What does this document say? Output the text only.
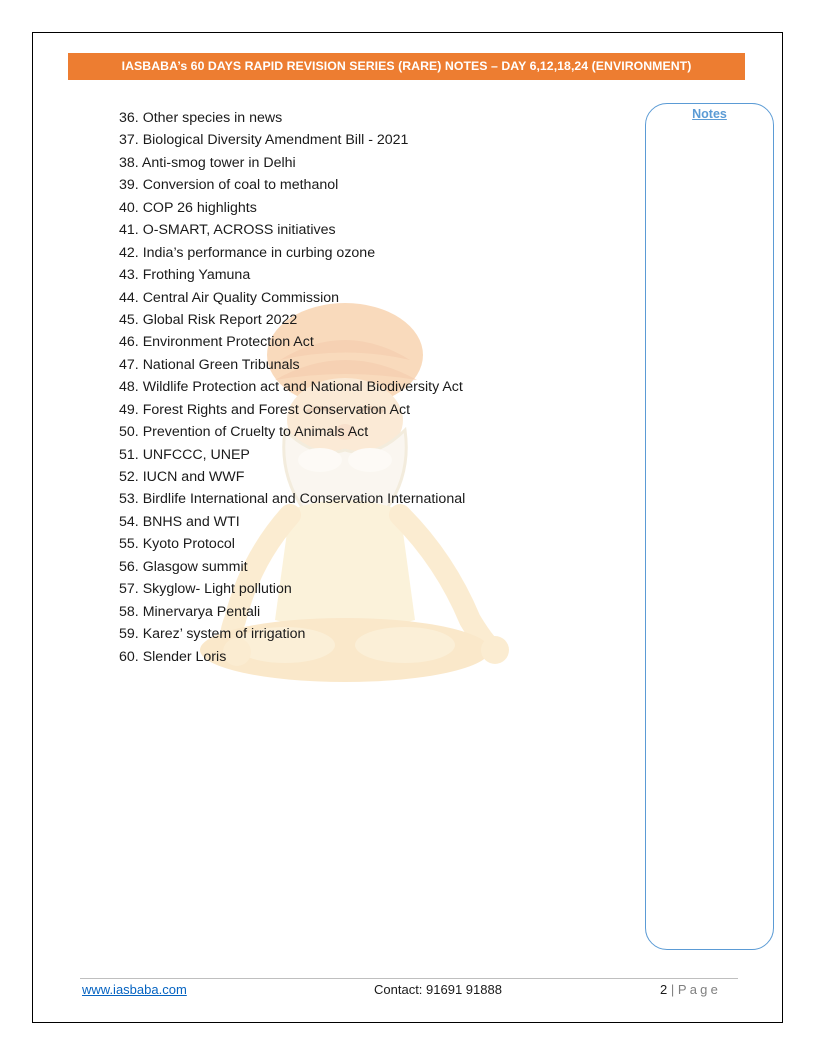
IASBABA’s 60 DAYS RAPID REVISION SERIES (RARE) NOTES – DAY 6,12,18,24 (ENVIRONMENT)
36. Other species in news
37. Biological Diversity Amendment Bill - 2021
38. Anti-smog tower in Delhi
39. Conversion of coal to methanol
40. COP 26 highlights
41. O-SMART, ACROSS initiatives
42. India’s performance in curbing ozone
43. Frothing Yamuna
44. Central Air Quality Commission
45. Global Risk Report 2022
46. Environment Protection Act
47. National Green Tribunals
48. Wildlife Protection act and National Biodiversity Act
49. Forest Rights and Forest Conservation Act
50. Prevention of Cruelty to Animals Act
51. UNFCCC, UNEP
52. IUCN and WWF
53. Birdlife International and Conservation International
54. BNHS and WTI
55. Kyoto Protocol
56. Glasgow summit
57. Skyglow- Light pollution
58. Minervarya Pentali
59. Karez’ system of irrigation
60. Slender Loris
Notes
www.iasbaba.com	Contact: 91691 91888	2 | Page
